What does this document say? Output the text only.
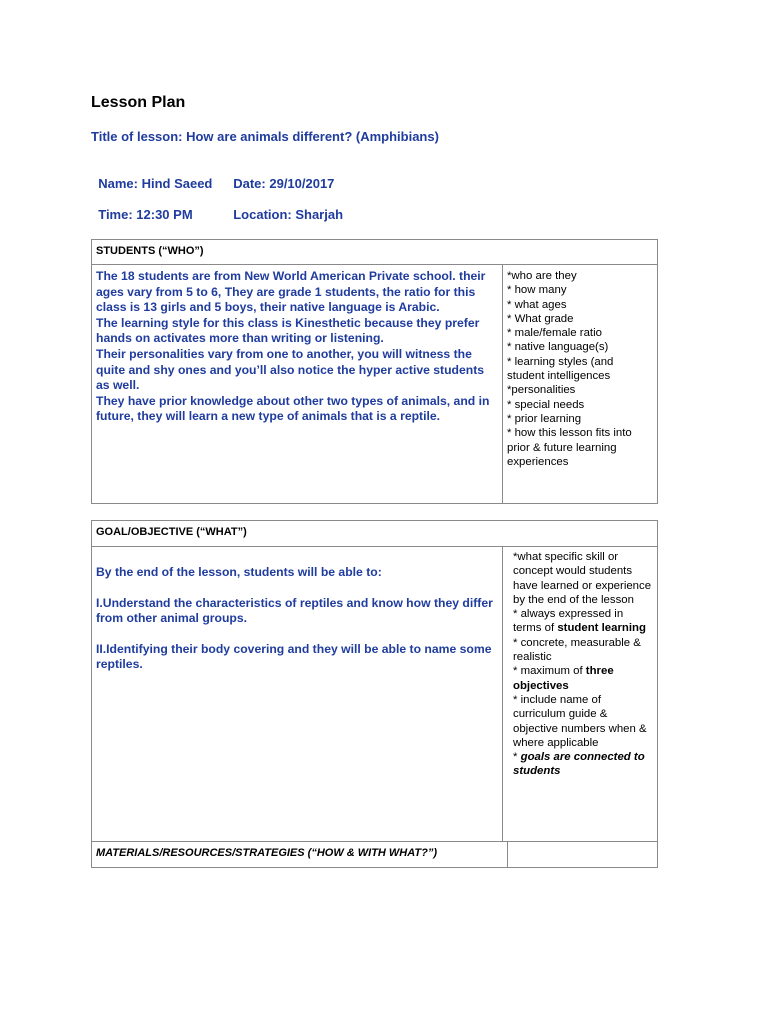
Lesson Plan
Title of lesson: How are animals different? (Amphibians)

Name: Hind Saeed Date: 29/10/2017

Time: 12:30 PM	Location: Sharjah

STUDENTS (“WHO”)

The 18 students are from New World American Private school. their ages vary from 5 to 6, They are grade 1 students, the ratio for this class is 13 girls and 5 boys, their native language is Arabic.

The learning style for this class is Kinesthetic because they prefer hands on activates more than writing or listening.

Their personalities vary from one to another, you will witness the quite and shy ones and you’ll also notice the hyper active students as well.

They have prior knowledge about other two types of animals, and in future, they will learn a new type of animals that is a reptile.

*who are they

* how many

* what ages

* What grade

* male/female ratio

* native language(s)

* learning styles (and student intelligences

*personalities

* special needs

* prior learning

* how this lesson fits into prior & future learning experiences

GOAL/OBJECTIVE (“WHAT”)

By the end of the lesson, students will be able to:

I.Understand the characteristics of reptiles and know how they differ from other animal groups.

II.Identifying their body covering and they will be able to name some reptiles.

*what specific skill or concept would students have learned or experience by the end of the lesson

* always expressed in terms of student learning

* concrete, measurable & realistic

* maximum of three objectives

* include name of curriculum guide & objective numbers when & where applicable

* goals are connected to students

MATERIALS/RESOURCES/STRATEGIES (“HOW & WITH WHAT?”)
